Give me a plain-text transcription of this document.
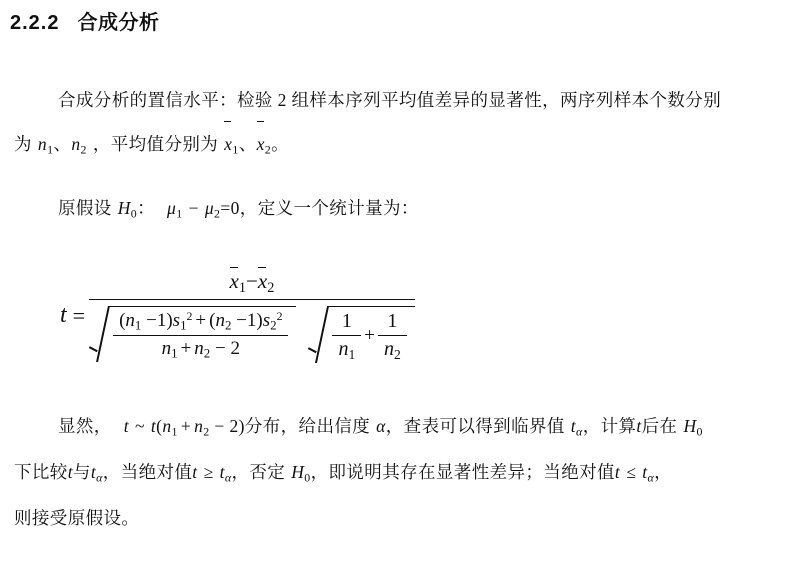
2.2.2 合成分析
合成分析的置信水平：检验 2 组样本序列平均值差异的显著性，两序列样本个数分别
为 n1、n2 ，平均值分别为 x1、x2。
原假设 H0： μ1 − μ2=0，定义一个统计量为：
t =
x1−x2
$\frac{(n1 -1)s1^2 + (n2 -1)s2^2}{n1 + n2 - 2} \frac{1}{n1} + \frac{1}{n2}$
显然， t ~ t(n1 + n2 − 2)分布，给出信度 α，查表可以得到临界值 $t_\alpha$，计算t后在 H0
下比较t与$t_\alpha$，当绝对值$t \ge t_\alpha$，否定 H0，即说明其存在显著性差异；当绝对值$t \le t_\alpha$，
则接受原假设。
